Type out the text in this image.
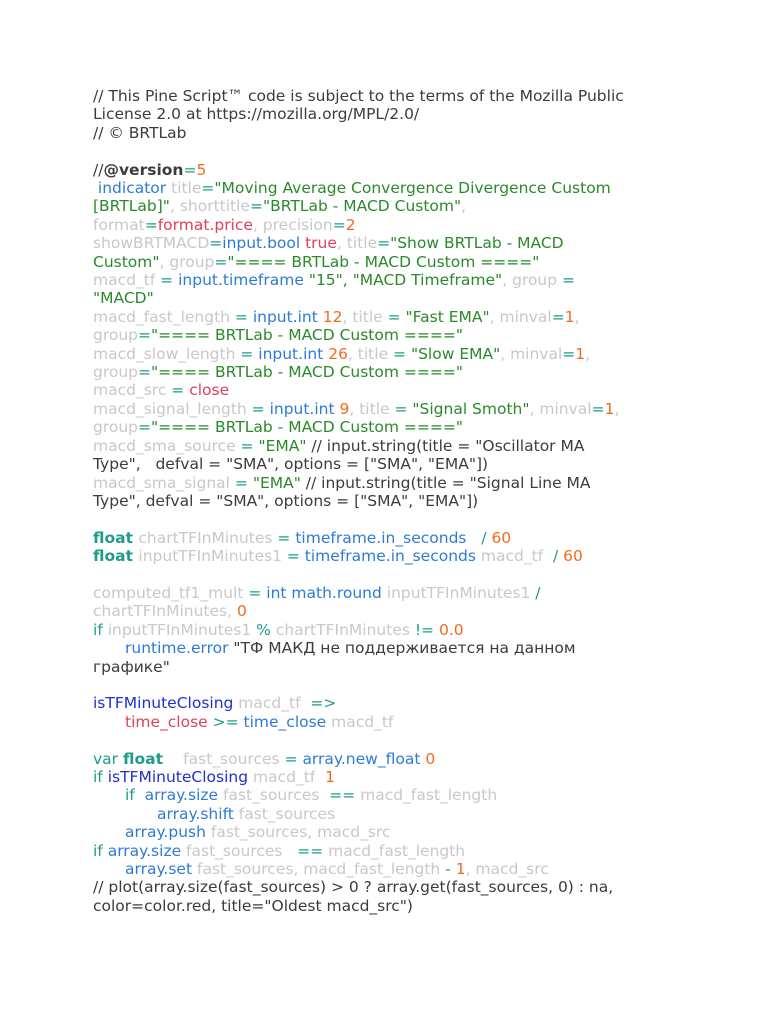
// This Pine Script™ code is subject to the terms of the Mozilla Public
License 2.0 at https://mozilla.org/MPL/2.0/
// © BRTLab
//@version=5
indicator title="Moving Average Convergence Divergence Custom
[BRTLab]", shorttitle="BRTLab - MACD Custom",
format=format.price, precision=2
showBRTMACD=input.bool true, title="Show BRTLab - MACD
Custom", group="==== BRTLab - MACD Custom ===="
macd_tf = input.timeframe "15", "MACD Timeframe", group =
"MACD"
macd_fast_length = input.int 12, title = "Fast EMA", minval=1,
group="==== BRTLab - MACD Custom ===="
macd_slow_length = input.int 26, title = "Slow EMA", minval=1,
group="==== BRTLab - MACD Custom ===="
macd_src = close
macd_signal_length = input.int 9, title = "Signal Smoth", minval=1,
group="==== BRTLab - MACD Custom ===="
macd_sma_source = "EMA" // input.string(title = "Oscillator MA
Type",   defval = "SMA", options = ["SMA", "EMA"])
macd_sma_signal = "EMA" // input.string(title = "Signal Line MA
Type", defval = "SMA", options = ["SMA", "EMA"])
float chartTFInMinutes = timeframe.in_seconds / 60
float inputTFInMinutes1 = timeframe.in_seconds macd_tf  / 60
computed_tf1_mult = int math.round inputTFInMinutes1 /
chartTFInMinutes, 0
if inputTFInMinutes1 % chartTFInMinutes != 0.0
runtime.error "ТФ МАКД не поддерживается на данном
графике"
isTFMinuteClosing macd_tf  =>
time_close >= time_close macd_tf
var float    fast_sources = array.new_float 0
if isTFMinuteClosing macd_tf  1
if  array.size fast_sources  == macd_fast_length
array.shift fast_sources
array.push fast_sources, macd_src
if array.size fast_sources   == macd_fast_length
array.set fast_sources, macd_fast_length - 1, macd_src
// plot(array.size(fast_sources) > 0 ? array.get(fast_sources, 0) : na,
color=color.red, title="Oldest macd_src")
